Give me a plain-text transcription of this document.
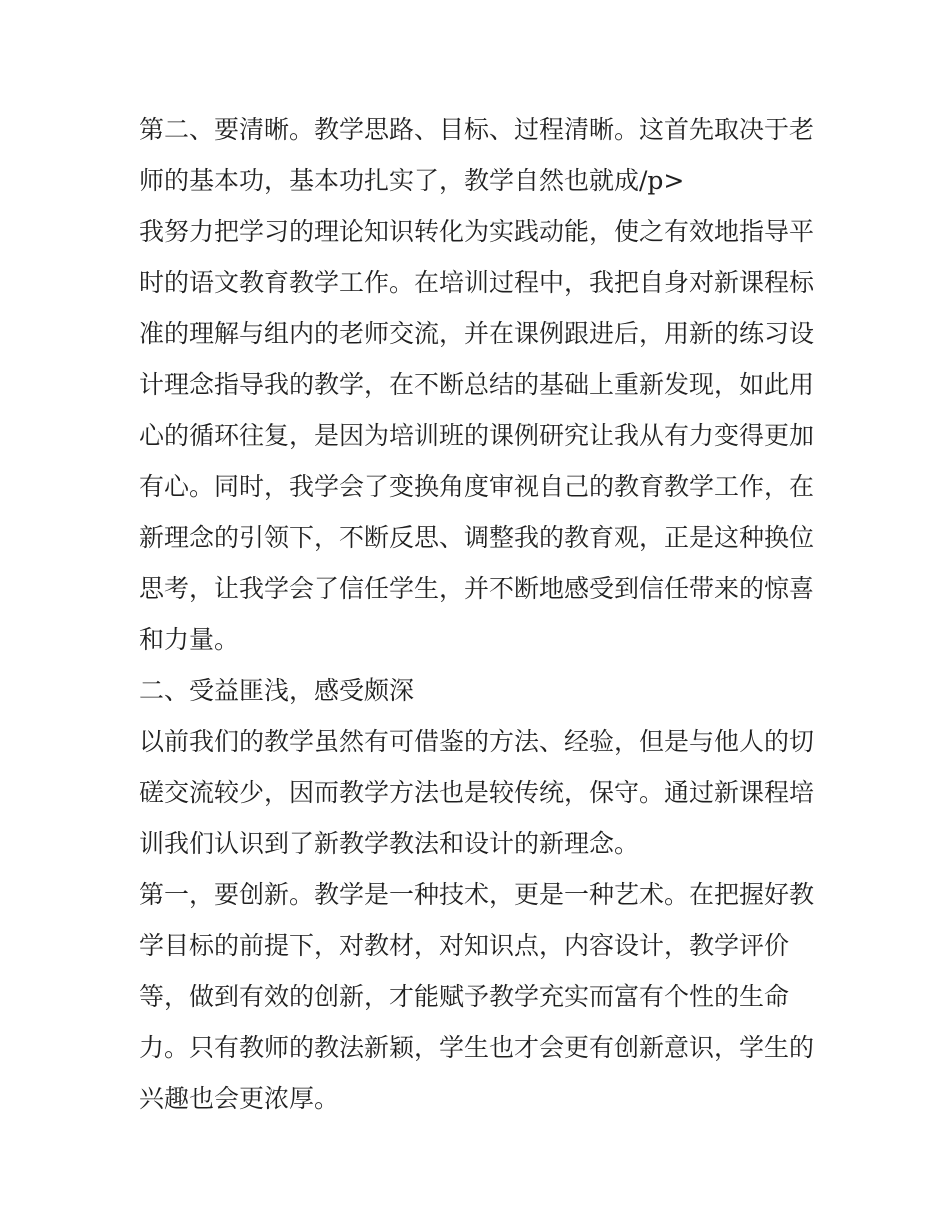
第二、要清晰。教学思路、目标、过程清晰。这首先取决于老
师的基本功，基本功扎实了，教学自然也就成/p>
我努力把学习的理论知识转化为实践动能，使之有效地指导平
时的语文教育教学工作。在培训过程中，我把自身对新课程标
准的理解与组内的老师交流，并在课例跟进后，用新的练习设
计理念指导我的教学，在不断总结的基础上重新发现，如此用
心的循环往复，是因为培训班的课例研究让我从有力变得更加
有心。同时，我学会了变换角度审视自己的教育教学工作，在
新理念的引领下，不断反思、调整我的教育观，正是这种换位
思考，让我学会了信任学生，并不断地感受到信任带来的惊喜
和力量。
二、受益匪浅，感受颇深
以前我们的教学虽然有可借鉴的方法、经验，但是与他人的切
磋交流较少，因而教学方法也是较传统，保守。通过新课程培
训我们认识到了新教学教法和设计的新理念。
第一，要创新。教学是一种技术，更是一种艺术。在把握好教
学目标的前提下，对教材，对知识点，内容设计，教学评价
等，做到有效的创新，才能赋予教学充实而富有个性的生命
力。只有教师的教法新颖，学生也才会更有创新意识，学生的
兴趣也会更浓厚。
